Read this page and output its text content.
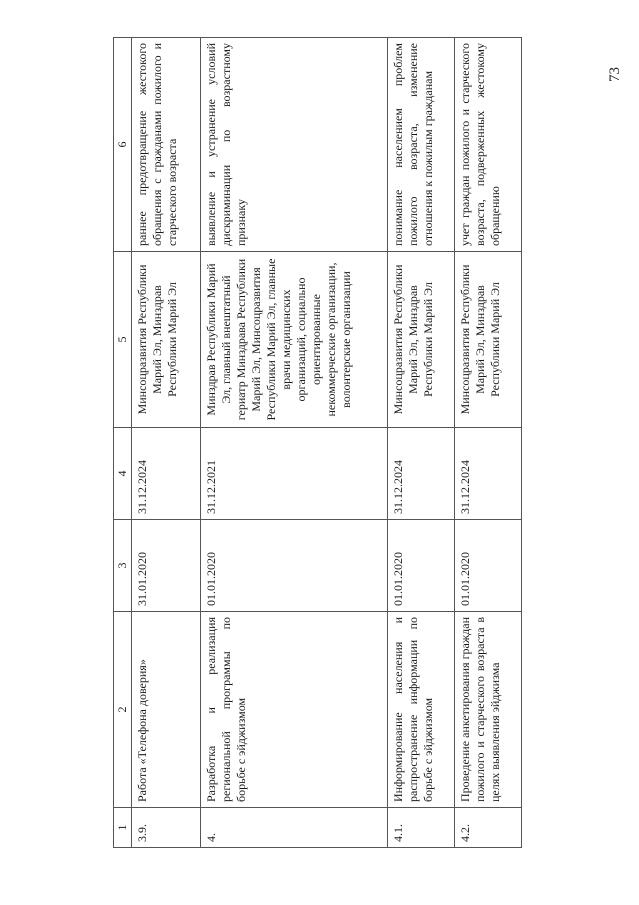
73
1	2	3	4	5	6
3.9.	Работа «Телефона доверия»	31.01.2020	31.12.2024	Минсоцразвития Республики Марий Эл, Минздрав Республики Марий Эл	раннее предотвращение жестокого обращения с гражданами пожилого и старческого возраста
4.	Разработка и реализация региональной программы по борьбе с эйджизмом	01.01.2020	31.12.2021	Минздрав Республики Марий Эл, главный внештатный гериатр Минздрава Республики Марий Эл, Минсоцразвития Республики Марий Эл, главные врачи медицинских организаций, социально ориентированные некоммерческие организации, волонтерские организации	выявление и устранение условий дискриминации по возрастному признаку
4.1.	Информирование населения и распространение информации по борьбе с эйджизмом	01.01.2020	31.12.2024	Минсоцразвития Республики Марий Эл, Минздрав Республики Марий Эл	понимание населением проблем пожилого возраста, изменение отношения к пожилым гражданам
4.2.	Проведение анкетирования граждан пожилого и старческого возраста в целях выявления эйджизма	01.01.2020	31.12.2024	Минсоцразвития Республики Марий Эл, Минздрав Республики Марий Эл	учет граждан пожилого и старческого возраста, подверженных жестокому обращению
